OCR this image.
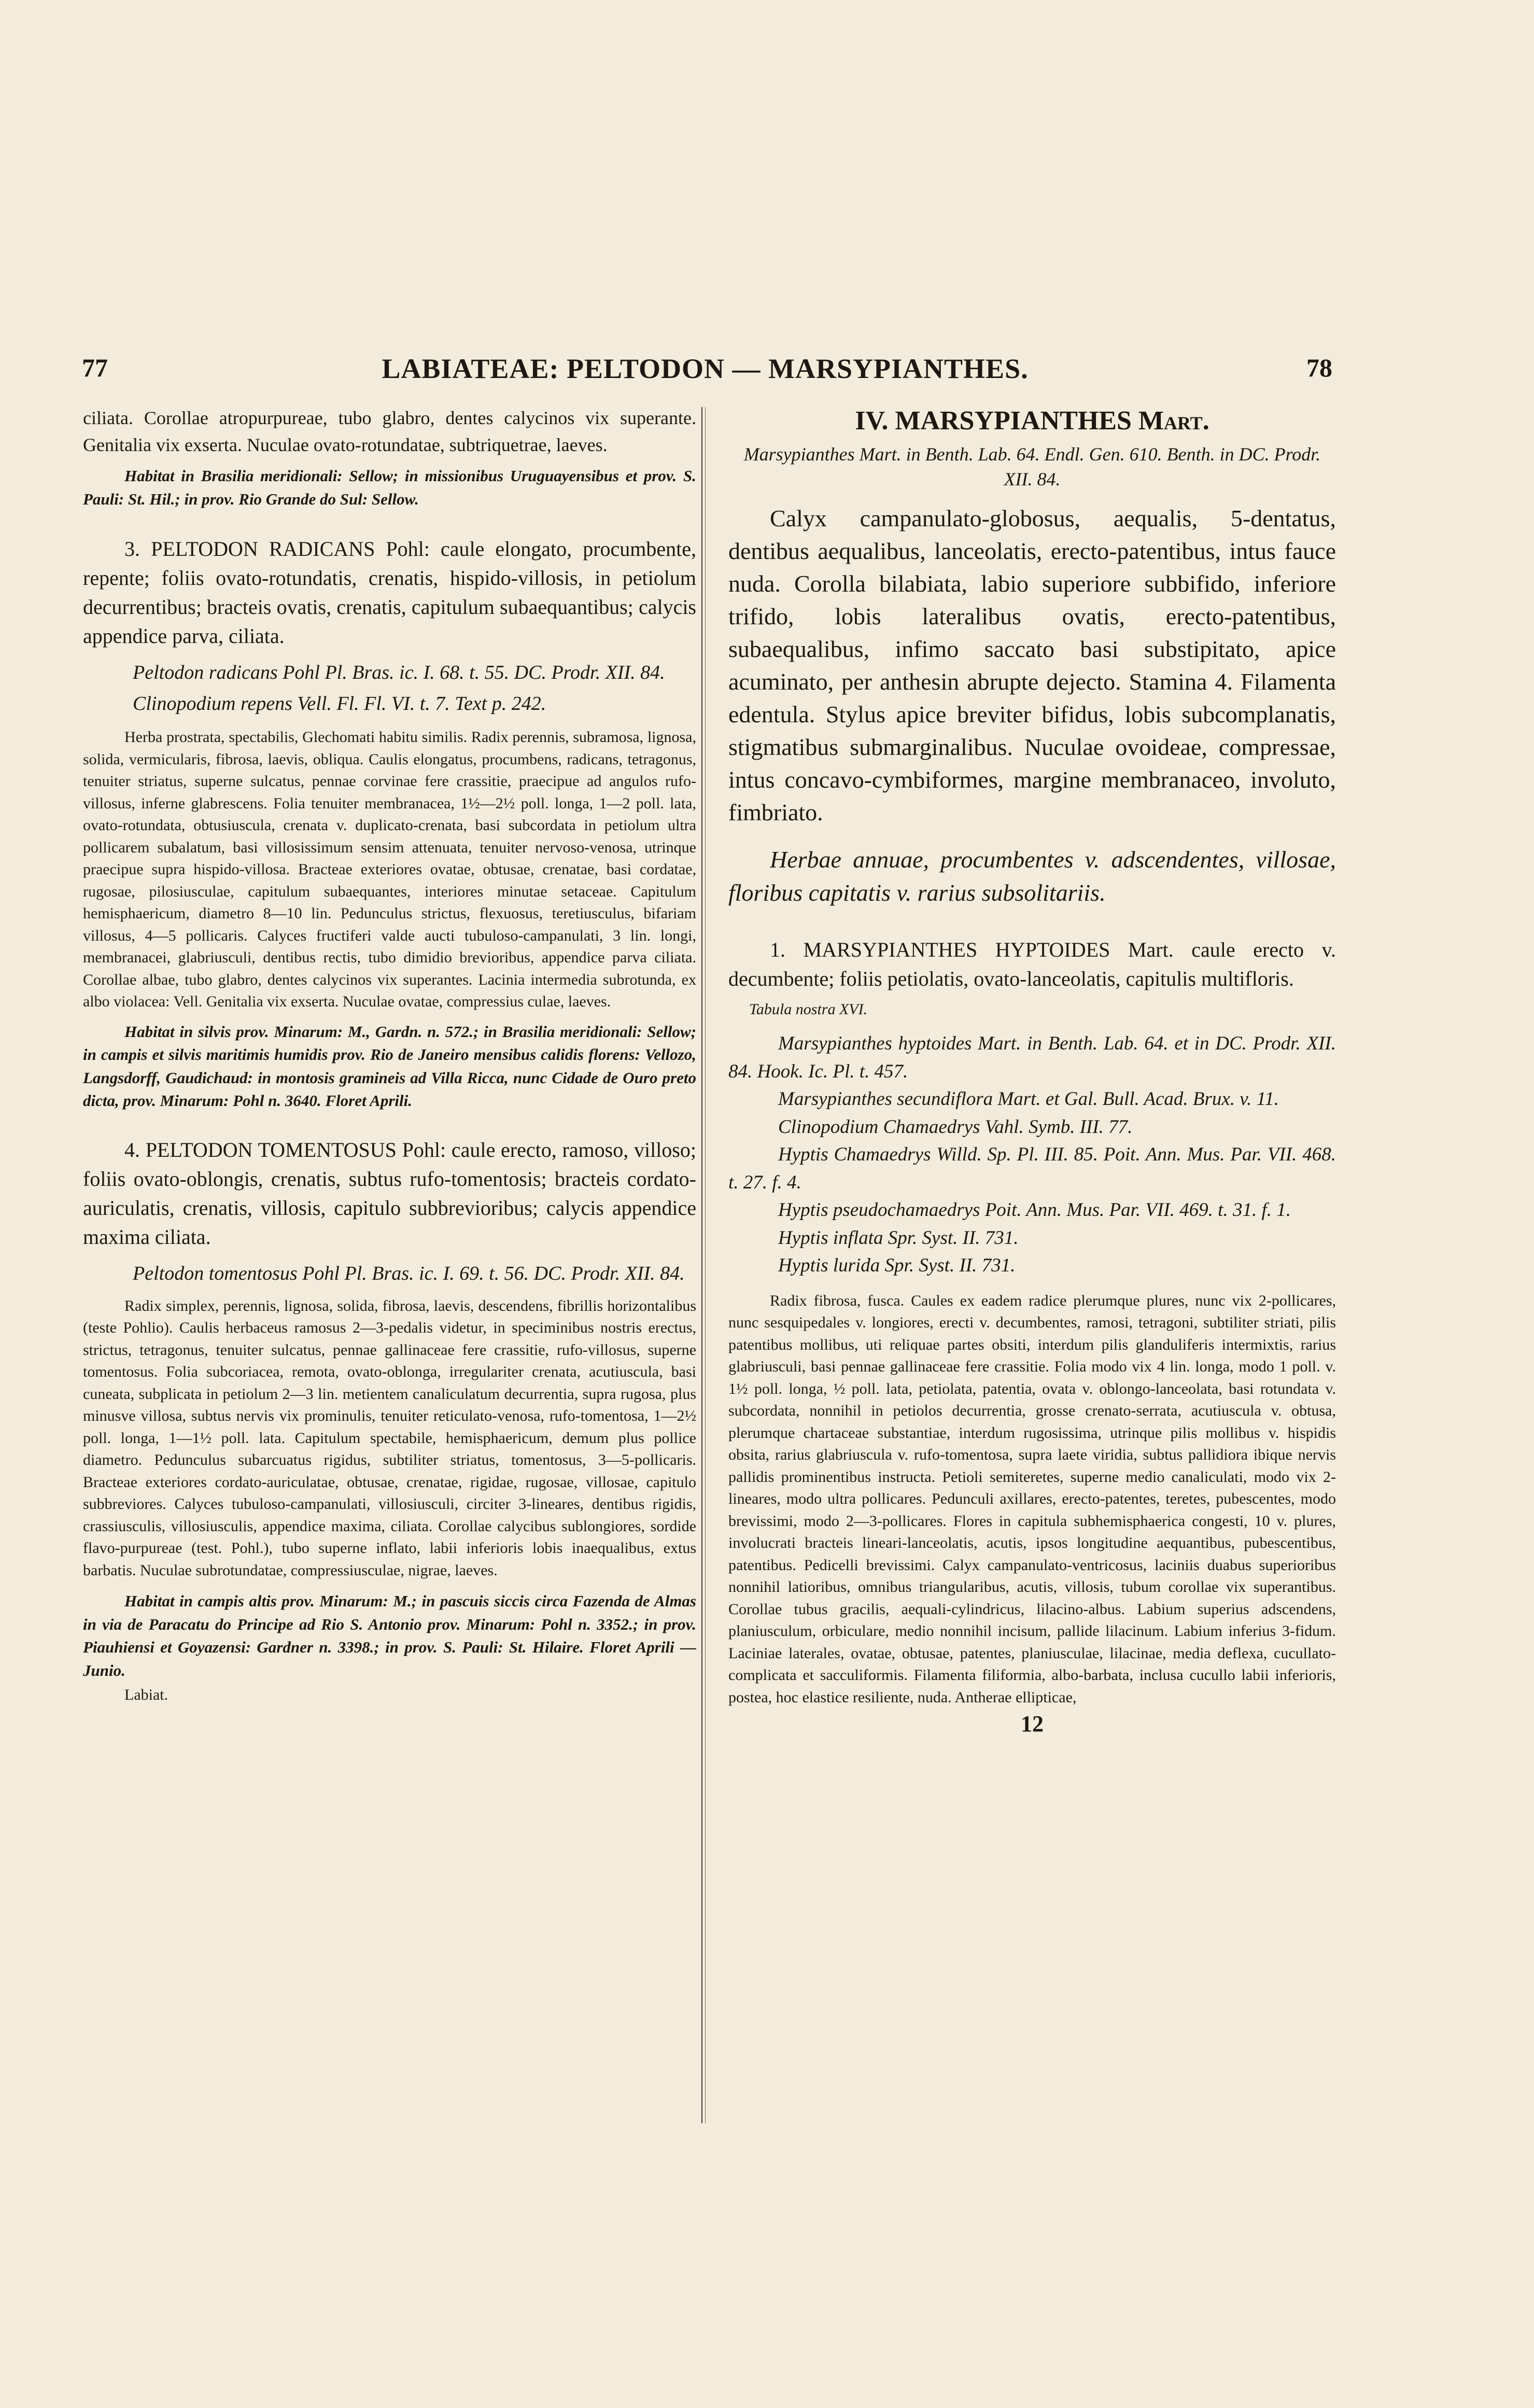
77	LABIATEAE: PELTODON — MARSYPIANTHES.	78

ciliata. Corollae atropurpureae, tubo glabro, dentes calycinos vix superante. Genitalia vix exserta. Nuculae ovato-rotundatae, subtriquetrae, laeves.

Habitat in Brasilia meridionali: Sellow; in missionibus Uruguayensibus et prov. S. Pauli: St. Hil.; in prov. Rio Grande do Sul: Sellow.

3. PELTODON RADICANS Pohl: caule elongato, procumbente, repente; foliis ovato-rotundatis, crenatis, hispido-villosis, in petiolum decurrentibus; bracteis ovatis, crenatis, capitulum subaequantibus; calycis appendice parva, ciliata.

Peltodon radicans Pohl Pl. Bras. ic. I. 68. t. 55. DC. Prodr. XII. 84.

Clinopodium repens Vell. Fl. Fl. VI. t. 7. Text p. 242.

Herba prostrata, spectabilis, Glechomati habitu similis. Radix perennis, subramosa, lignosa, solida, vermicularis, fibrosa, laevis, obliqua. Caulis elongatus, procumbens, radicans, tetragonus, tenuiter striatus, superne sulcatus, pennae corvinae fere crassitie, praecipue ad angulos rufo-villosus, inferne glabrescens. Folia tenuiter membranacea, 1½—2½ poll. longa, 1—2 poll. lata, ovato-rotundata, obtusiuscula, crenata v. duplicato-crenata, basi subcordata in petiolum ultra pollicarem subalatum, basi villosissimum sensim attenuata, tenuiter nervoso-venosa, utrinque praecipue supra hispido-villosa. Bracteae exteriores ovatae, obtusae, crenatae, basi cordatae, rugosae, pilosiusculae, capitulum subaequantes, interiores minutae setaceae. Capitulum hemisphaericum, diametro 8—10 lin. Pedunculus strictus, flexuosus, teretiusculus, bifariam villosus, 4—5 pollicaris. Calyces fructiferi valde aucti tubuloso-campanulati, 3 lin. longi, membranacei, glabriusculi, dentibus rectis, tubo dimidio brevioribus, appendice parva ciliata. Corollae albae, tubo glabro, dentes calycinos vix superantes. Lacinia intermedia subrotunda, ex albo violacea: Vell. Genitalia vix exserta. Nuculae ovatae, compressius culae, laeves.

Habitat in silvis prov. Minarum: M., Gardn. n. 572.; in Brasilia meridionali: Sellow; in campis et silvis maritimis humidis prov. Rio de Janeiro mensibus calidis florens: Vellozo, Langsdorff, Gaudichaud: in montosis gramineis ad Villa Ricca, nunc Cidade de Ouro preto dicta, prov. Minarum: Pohl n. 3640. Floret Aprili.

4. PELTODON TOMENTOSUS Pohl: caule erecto, ramoso, villoso; foliis ovato-oblongis, crenatis, subtus rufo-tomentosis; bracteis cordato-auriculatis, crenatis, villosis, capitulo subbrevioribus; calycis appendice maxima ciliata.

Peltodon tomentosus Pohl Pl. Bras. ic. I. 69. t. 56. DC. Prodr. XII. 84.

Radix simplex, perennis, lignosa, solida, fibrosa, laevis, descendens, fibrillis horizontalibus (teste Pohlio). Caulis herbaceus ramosus 2—3-pedalis videtur, in speciminibus nostris erectus, strictus, tetragonus, tenuiter sulcatus, pennae gallinaceae fere crassitie, rufo-villosus, superne tomentosus. Folia subcoriacea, remota, ovato-oblonga, irregulariter crenata, acutiuscula, basi cuneata, subplicata in petiolum 2—3 lin. metientem canaliculatum decurrentia, supra rugosa, plus minusve villosa, subtus nervis vix prominulis, tenuiter reticulato-venosa, rufo-tomentosa, 1—2½ poll. longa, 1—1½ poll. lata. Capitulum spectabile, hemisphaericum, demum plus pollice diametro. Pedunculus subarcuatus rigidus, subtiliter striatus, tomentosus, 3—5-pollicaris. Bracteae exteriores cordato-auriculatae, obtusae, crenatae, rigidae, rugosae, villosae, capitulo subbreviores. Calyces tubuloso-campanulati, villosiusculi, circiter 3-lineares, dentibus rigidis, crassiusculis, villosiusculis, appendice maxima, ciliata. Corollae calycibus sublongiores, sordide flavo-purpureae (test. Pohl.), tubo superne inflato, labii inferioris lobis inaequalibus, extus barbatis. Nuculae subrotundatae, compressiusculae, nigrae, laeves.

Habitat in campis altis prov. Minarum: M.; in pascuis siccis circa Fazenda de Almas in via de Paracatu do Principe ad Rio S. Antonio prov. Minarum: Pohl n. 3352.; in prov. Piauhiensi et Goyazensi: Gardner n. 3398.; in prov. S. Pauli: St. Hilaire. Floret Aprili — Junio.

Labiat.

IV. MARSYPIANTHES Mart.

Marsypianthes Mart. in Benth. Lab. 64. Endl. Gen. 610. Benth. in DC. Prodr. XII. 84.

Calyx campanulato-globosus, aequalis, 5-dentatus, dentibus aequalibus, lanceolatis, erecto-patentibus, intus fauce nuda. Corolla bilabiata, labio superiore subbifido, inferiore trifido, lobis lateralibus ovatis, erecto-patentibus, subaequalibus, infimo saccato basi substipitato, apice acuminato, per anthesin abrupte dejecto. Stamina 4. Filamenta edentula. Stylus apice breviter bifidus, lobis subcomplanatis, stigmatibus submarginalibus. Nuculae ovoideae, compressae, intus concavo-cymbiformes, margine membranaceo, involuto, fimbriato.

Herbae annuae, procumbentes v. adscendentes, villosae, floribus capitatis v. rarius subsolitariis.

1. MARSYPIANTHES HYPTOIDES Mart. caule erecto v. decumbente; foliis petiolatis, ovato-lanceolatis, capitulis multifloris.

Tabula nostra XVI.

Marsypianthes hyptoides Mart. in Benth. Lab. 64. et in DC. Prodr. XII. 84. Hook. Ic. Pl. t. 457.

Marsypianthes secundiflora Mart. et Gal. Bull. Acad. Brux. v. 11.

Clinopodium Chamaedrys Vahl. Symb. III. 77.

Hyptis Chamaedrys Willd. Sp. Pl. III. 85. Poit. Ann. Mus. Par. VII. 468. t. 27. f. 4.

Hyptis pseudochamaedrys Poit. Ann. Mus. Par. VII. 469. t. 31. f. 1.

Hyptis inflata Spr. Syst. II. 731.

Hyptis lurida Spr. Syst. II. 731.

Radix fibrosa, fusca. Caules ex eadem radice plerumque plures, nunc vix 2-pollicares, nunc sesquipedales v. longiores, erecti v. decumbentes, ramosi, tetragoni, subtiliter striati, pilis patentibus mollibus, uti reliquae partes obsiti, interdum pilis glanduliferis intermixtis, rarius glabriusculi, basi pennae gallinaceae fere crassitie. Folia modo vix 4 lin. longa, modo 1 poll. v. 1½ poll. longa, ½ poll. lata, petiolata, patentia, ovata v. oblongo-lanceolata, basi rotundata v. subcordata, nonnihil in petiolos decurrentia, grosse crenato-serrata, acutiuscula v. obtusa, plerumque chartaceae substantiae, interdum rugosissima, utrinque pilis mollibus v. hispidis obsita, rarius glabriuscula v. rufo-tomentosa, supra laete viridia, subtus pallidiora ibique nervis pallidis prominentibus instructa. Petioli semiteretes, superne medio canaliculati, modo vix 2-lineares, modo ultra pollicares. Pedunculi axillares, erecto-patentes, teretes, pubescentes, modo brevissimi, modo 2—3-pollicares. Flores in capitula subhemisphaerica congesti, 10 v. plures, involucrati bracteis lineari-lanceolatis, acutis, ipsos longitudine aequantibus, pubescentibus, patentibus. Pedicelli brevissimi. Calyx campanulato-ventricosus, laciniis duabus superioribus nonnihil latioribus, omnibus triangularibus, acutis, villosis, tubum corollae vix superantibus. Corollae tubus gracilis, aequali-cylindricus, lilacino-albus. Labium superius adscendens, planiusculum, orbiculare, medio nonnihil incisum, pallide lilacinum. Labium inferius 3-fidum. Laciniae laterales, ovatae, obtusae, patentes, planiusculae, lilacinae, media deflexa, cucullato-complicata et sacculiformis. Filamenta filiformia, albo-barbata, inclusa cucullo labii inferioris, postea, hoc elastice resiliente, nuda. Antherae ellipticae,

12
